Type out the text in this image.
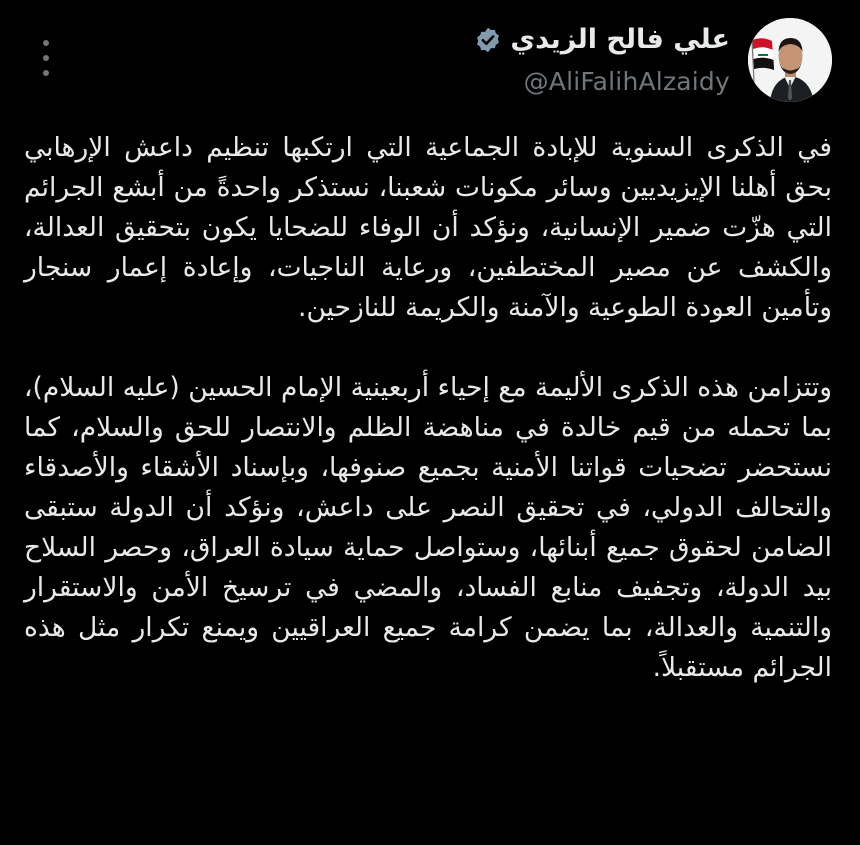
علي فالح الزيدي
@AliFalihAlzaidy

في الذكرى السنوية للإبادة الجماعية التي ارتكبها تنظيم داعش الإرهابي بحق أهلنا الإيزيديين وسائر مكونات شعبنا، نستذكر واحدةً من أبشع الجرائم التي هزّت ضمير الإنسانية، ونؤكد أن الوفاء للضحايا يكون بتحقيق العدالة، والكشف عن مصير المختطفين، ورعاية الناجيات، وإعادة إعمار سنجار وتأمين العودة الطوعية والآمنة والكريمة للنازحين.

وتتزامن هذه الذكرى الأليمة مع إحياء أربعينية الإمام الحسين (عليه السلام)، بما تحمله من قيم خالدة في مناهضة الظلم والانتصار للحق والسلام، كما نستحضر تضحيات قواتنا الأمنية بجميع صنوفها، وبإسناد الأشقاء والأصدقاء والتحالف الدولي، في تحقيق النصر على داعش، ونؤكد أن الدولة ستبقى الضامن لحقوق جميع أبنائها، وستواصل حماية سيادة العراق، وحصر السلاح بيد الدولة، وتجفيف منابع الفساد، والمضي في ترسيخ الأمن والاستقرار والتنمية والعدالة، بما يضمن كرامة جميع العراقيين ويمنع تكرار مثل هذه الجرائم مستقبلاً.
